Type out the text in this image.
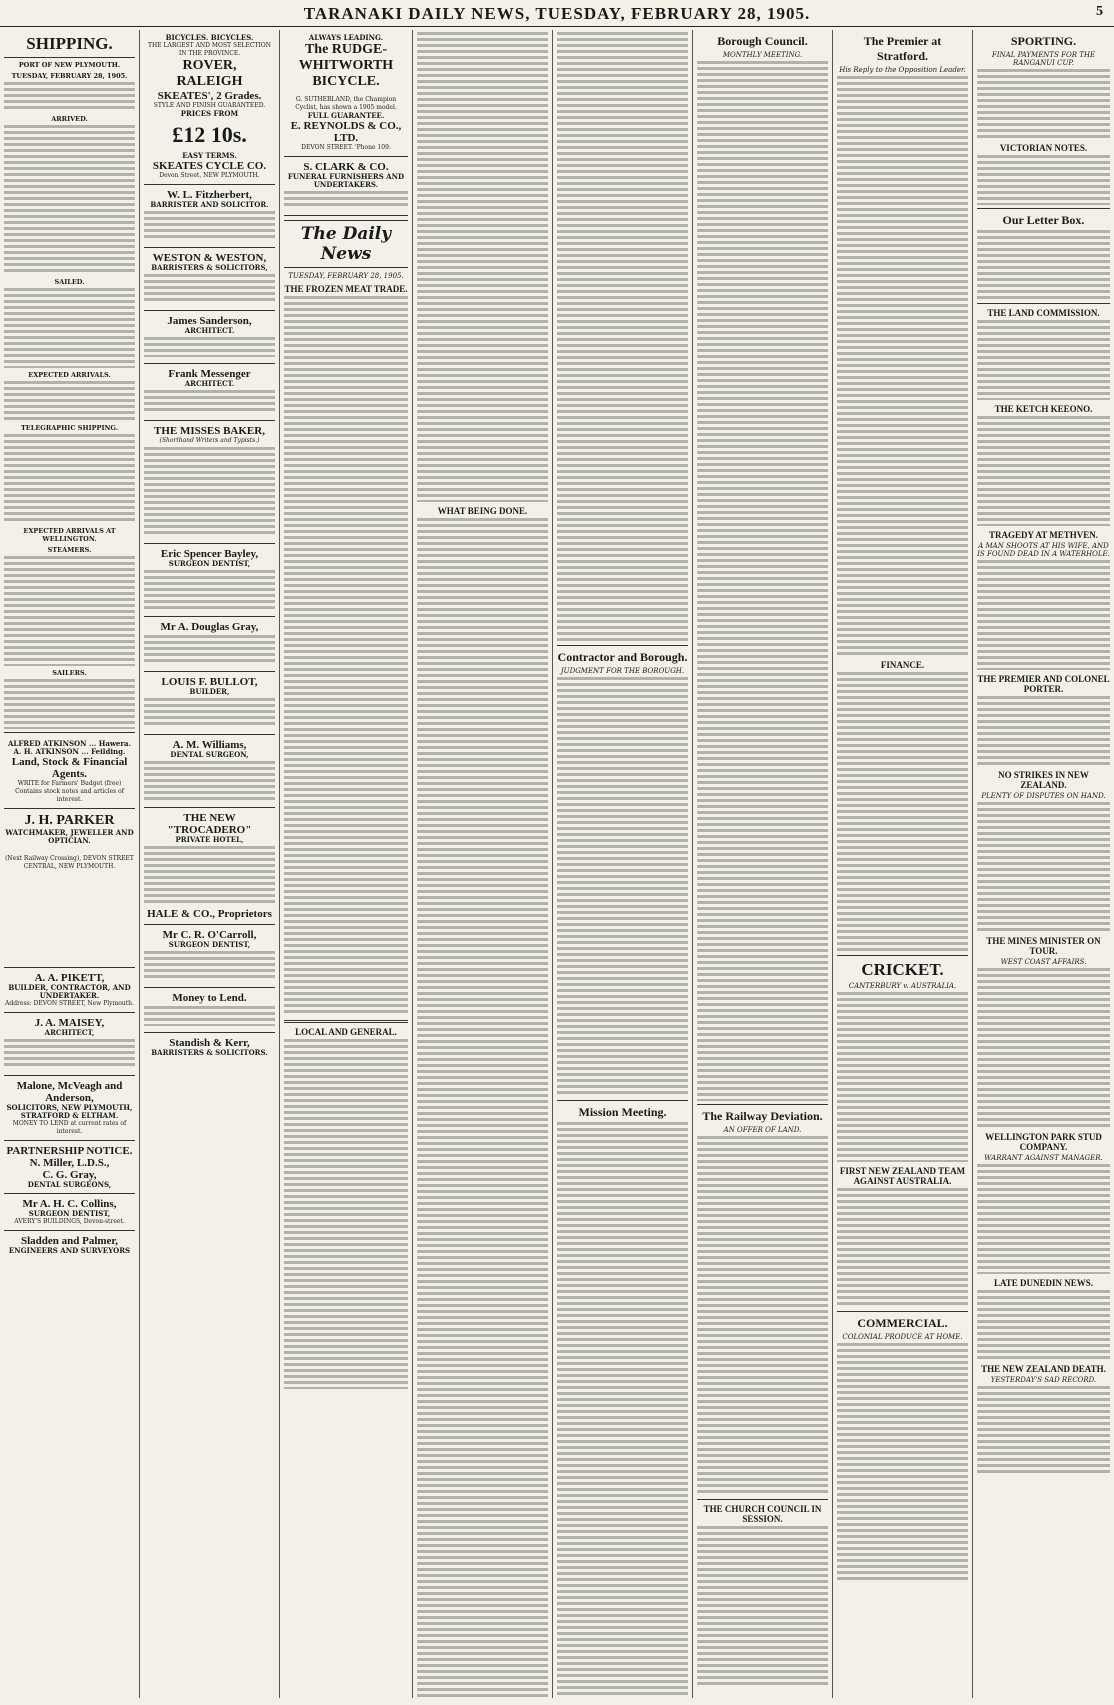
TARANAKI DAILY NEWS, TUESDAY, FEBRUARY 28, 1905.	5
SHIPPING.
PORT OF NEW PLYMOUTH.
TUESDAY, FEBRUARY 28, 1905.
ARRIVED.
SAILED.
EXPECTED ARRIVALS.
TELEGRAPHIC SHIPPING.
EXPECTED ARRIVALS AT WELLINGTON.
STEAMERS.
SAILERS.
ALFRED ATKINSON ... Hawera. A. H. ATKINSON ... Feilding.
Land, Stock & Financial Agents.
WRITE for Farmers' Budget (free) Contains stock notes and articles of interest.
J. H. PARKER
WATCHMAKER, JEWELLER AND OPTICIAN.
(Next Railway Crossing), DEVON STREET CENTRAL, NEW PLYMOUTH.
A. A. PIKETT,
BUILDER, CONTRACTOR, AND UNDERTAKER.
Address: DEVON STREET, New Plymouth.
J. A. MAISEY,
ARCHITECT,
Malone, McVeagh and Anderson,
SOLICITORS, NEW PLYMOUTH, STRATFORD & ELTHAM.
MONEY TO LEND at current rates of interest.
PARTNERSHIP NOTICE.
N. Miller, L.D.S.,
C. G. Gray,
DENTAL SURGEONS,
Mr A. H. C. Collins,
SURGEON DENTIST,
AVERY'S BUILDINGS, Devon-street.
Sladden and Palmer,
ENGINEERS AND SURVEYORS
BICYCLES. BICYCLES.
THE LARGEST AND MOST SELECTION IN THE PROVINCE.
ROVER,
RALEIGH
SKEATES', 2 Grades.
STYLE AND FINISH GUARANTEED.
PRICES FROM
£12 10s.
EASY TERMS.
SKEATES CYCLE CO.
Devon Street, NEW PLYMOUTH.
W. L. Fitzherbert,
BARRISTER AND SOLICITOR.
WESTON & WESTON,
BARRISTERS & SOLICITORS,
James Sanderson,
ARCHITECT.
Frank Messenger
ARCHITECT.
THE MISSES BAKER,
(Shorthand Writers and Typists.)
Eric Spencer Bayley,
SURGEON DENTIST,
Mr A. Douglas Gray,
LOUIS F. BULLOT,
BUILDER,
A. M. Williams,
DENTAL SURGEON,
THE NEW "TROCADERO"
PRIVATE HOTEL,
HALE & CO., Proprietors
Mr C. R. O'Carroll,
SURGEON DENTIST,
Money to Lend.
Standish & Kerr,
BARRISTERS & SOLICITORS.
ALWAYS LEADING.
The RUDGE-WHITWORTH BICYCLE.
G. SUTHERLAND, the Champion Cyclist, has shown a 1905 model.
FULL GUARANTEE.
E. REYNOLDS & CO., LTD.
DEVON STREET. 'Phone 109.
S. CLARK & CO.
FUNERAL FURNISHERS AND UNDERTAKERS.
The Daily News
TUESDAY, FEBRUARY 28, 1905.
THE FROZEN MEAT TRADE.
LOCAL AND GENERAL.
WHAT BEING DONE.
Contractor and Borough.
JUDGMENT FOR THE BOROUGH.
Mission Meeting.
Borough Council.
MONTHLY MEETING.
The Railway Deviation.
AN OFFER OF LAND.
THE CHURCH COUNCIL IN SESSION.
The Premier at Stratford.
His Reply to the Opposition Leader.
FINANCE.
CRICKET.
CANTERBURY v. AUSTRALIA.
FIRST NEW ZEALAND TEAM AGAINST AUSTRALIA.
COMMERCIAL.
COLONIAL PRODUCE AT HOME.
SPORTING.
FINAL PAYMENTS FOR THE RANGANUI CUP.
VICTORIAN NOTES.
Our Letter Box.
THE LAND COMMISSION.
THE KETCH KEEONO.
TRAGEDY AT METHVEN.
A MAN SHOOTS AT HIS WIFE, AND IS FOUND DEAD IN A WATERHOLE.
THE PREMIER AND COLONEL PORTER.
NO STRIKES IN NEW ZEALAND.
PLENTY OF DISPUTES ON HAND.
THE MINES MINISTER ON TOUR.
WEST COAST AFFAIRS.
WELLINGTON PARK STUD COMPANY.
WARRANT AGAINST MANAGER.
LATE DUNEDIN NEWS.
THE NEW ZEALAND DEATH.
YESTERDAY'S SAD RECORD.
